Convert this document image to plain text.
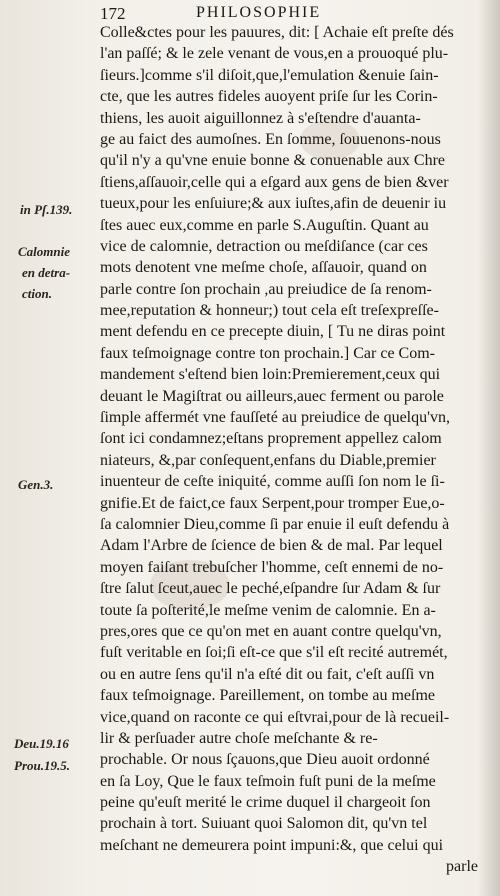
172	PHILOSOPHIE
in Pſ.139.
Calomnie
en detra-
ction.
Gen.3.
Deu.19.16
Prou.19.5.
Colle&ctes pour les pauures, dit: [ Achaie eſt preſte dés
l'an paſſé; & le zele venant de vous,en a prouoqué plu-
ſieurs.]comme s'il diſoit,que,l'emulation &enuie ſain-
cte, que les autres fideles auoyent priſe ſur les Corin-
thiens, les auoit aiguillonnez à s'eſtendre d'auanta-
ge au faict des aumoſnes. En ſomme, ſouuenons-nous
qu'il n'y a qu'vne enuie bonne & conuenable aux Chre
ſtiens,aſſauoir,celle qui a eſgard aux gens de bien &ver
tueux,pour les enſuiure;& aux iuſtes,afin de deuenir iu
ſtes auec eux,comme en parle S.Auguſtin. Quant au
vice de calomnie, detraction ou meſdiſance (car ces
mots denotent vne meſme choſe, aſſauoir, quand on
parle contre ſon prochain ,au preiudice de ſa renom-
mee,reputation & honneur;) tout cela eſt treſexpreſſe-
ment defendu en ce precepte diuin, [ Tu ne diras point
faux teſmoignage contre ton prochain.] Car ce Com-
mandement s'eſtend bien loin:Premierement,ceux qui
deuant le Magiſtrat ou ailleurs,auec ferment ou parole
ſimple affermét vne fauſſeté au preiudice de quelqu'vn,
ſont ici condamnez;eſtans proprement appellez calom
niateurs, &,par conſequent,enfans du Diable,premier
inuenteur de ceſte iniquité, comme auſſi ſon nom le ſi-
gnifie.Et de faict,ce faux Serpent,pour tromper Eue,o-
ſa calomnier Dieu,comme ſi par enuie il euſt defendu à
Adam l'Arbre de ſcience de bien & de mal. Par lequel
moyen faiſant trebuſcher l'homme, ceſt ennemi de no-
ſtre ſalut ſceut,auec le peché,eſpandre ſur Adam & ſur
toute ſa poſterité,le meſme venim de calomnie. En a-
pres,ores que ce qu'on met en auant contre quelqu'vn,
fuſt veritable en ſoi;ſi eſt-ce que s'il eſt recité autremét,
ou en autre ſens qu'il n'a eſté dit ou fait, c'eſt auſſi vn
faux teſmoignage. Pareillement, on tombe au meſme
vice,quand on raconte ce qui eſtvrai,pour de là recueil-
lir & perſuader autre choſe meſchante & re-
prochable. Or nous ſçauons,que Dieu auoit ordonné
en ſa Loy, Que le faux teſmoin fuſt puni de la meſme
peine qu'euſt merité le crime duquel il chargeoit ſon
prochain à tort. Suiuant quoi Salomon dit, qu'vn tel
meſchant ne demeurera point impuni:&, que celui qui
parle
